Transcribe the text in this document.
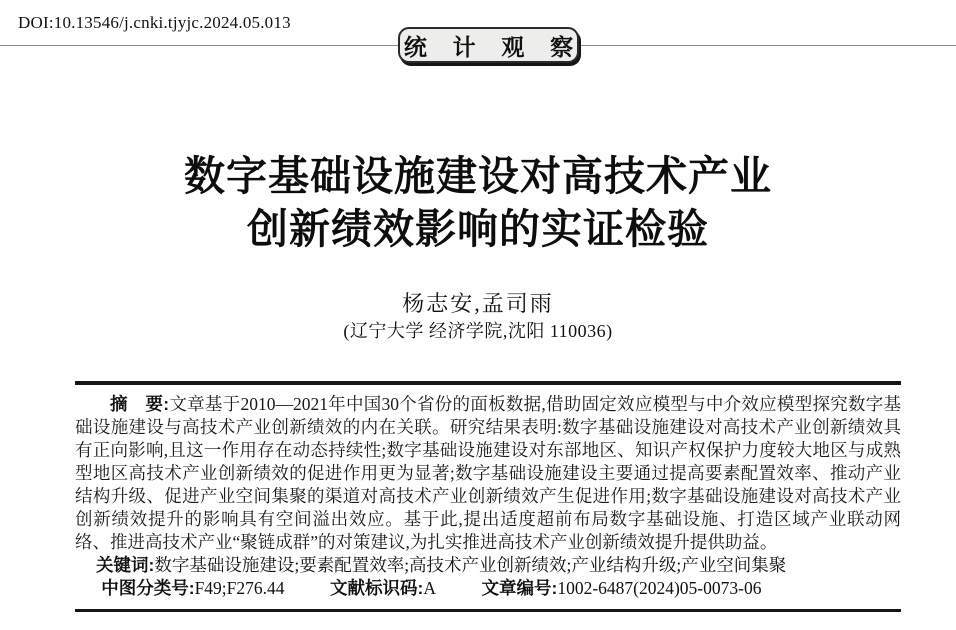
DOI:10.13546/j.cnki.tjyjc.2024.05.013
统 计 观 察
数字基础设施建设对高技术产业
创新绩效影响的实证检验
杨志安,孟司雨
(辽宁大学 经济学院,沈阳 110036)

摘　要:文章基于2010—2021年中国30个省份的面板数据,借助固定效应模型与中介效应模型探究数字基础设施建设与高技术产业创新绩效的内在关联。研究结果表明:数字基础设施建设对高技术产业创新绩效具有正向影响,且这一作用存在动态持续性;数字基础设施建设对东部地区、知识产权保护力度较大地区与成熟型地区高技术产业创新绩效的促进作用更为显著;数字基础设施建设主要通过提高要素配置效率、推动产业结构升级、促进产业空间集聚的渠道对高技术产业创新绩效产生促进作用;数字基础设施建设对高技术产业创新绩效提升的影响具有空间溢出效应。基于此,提出适度超前布局数字基础设施、打造区域产业联动网络、推进高技术产业“聚链成群”的对策建议,为扎实推进高技术产业创新绩效提升提供助益。

关键词:数字基础设施建设;要素配置效率;高技术产业创新绩效;产业结构升级;产业空间集聚

中图分类号:F49;F276.44	文献标识码:A	文章编号:1002-6487(2024)05-0073-06
